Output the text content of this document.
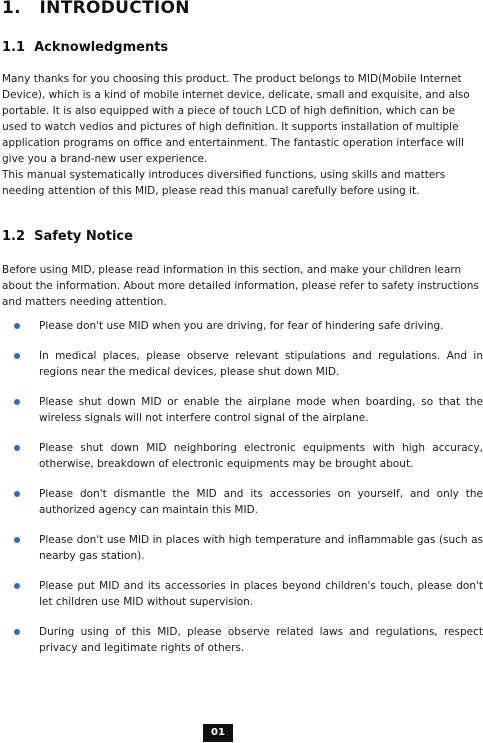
1. INTRODUCTION
1.1 Acknowledgments

Many thanks for you choosing this product. The product belongs to MID(Mobile Internet Device), which is a kind of mobile internet device, delicate, small and exquisite, and also portable. It is also equipped with a piece of touch LCD of high definition, which can be used to watch vedios and pictures of high definition. It supports installation of multiple application programs on office and entertainment. The fantastic operation interface will give you a brand-new user experience.

This manual systematically introduces diversified functions, using skills and matters needing attention of this MID, please read this manual carefully before using it.

1.2 Safety Notice

Before using MID, please read information in this section, and make your children learn about the information. About more detailed information, please refer to safety instructions and matters needing attention.

Please don't use MID when you are driving, for fear of hindering safe driving.
In medical places, please observe relevant stipulations and regulations. And in regions near the medical devices, please shut down MID.
Please shut down MID or enable the airplane mode when boarding, so that the wireless signals will not interfere control signal of the airplane.
Please shut down MID neighboring electronic equipments with high accuracy, otherwise, breakdown of electronic equipments may be brought about.
Please don't dismantle the MID and its accessories on yourself, and only the authorized agency can maintain this MID.
Please don't use MID in places with high temperature and inflammable gas (such as nearby gas station).
Please put MID and its accessories in places beyond children's touch, please don't let children use MID without supervision.
During using of this MID, please observe related laws and regulations, respect privacy and legitimate rights of others.
01
